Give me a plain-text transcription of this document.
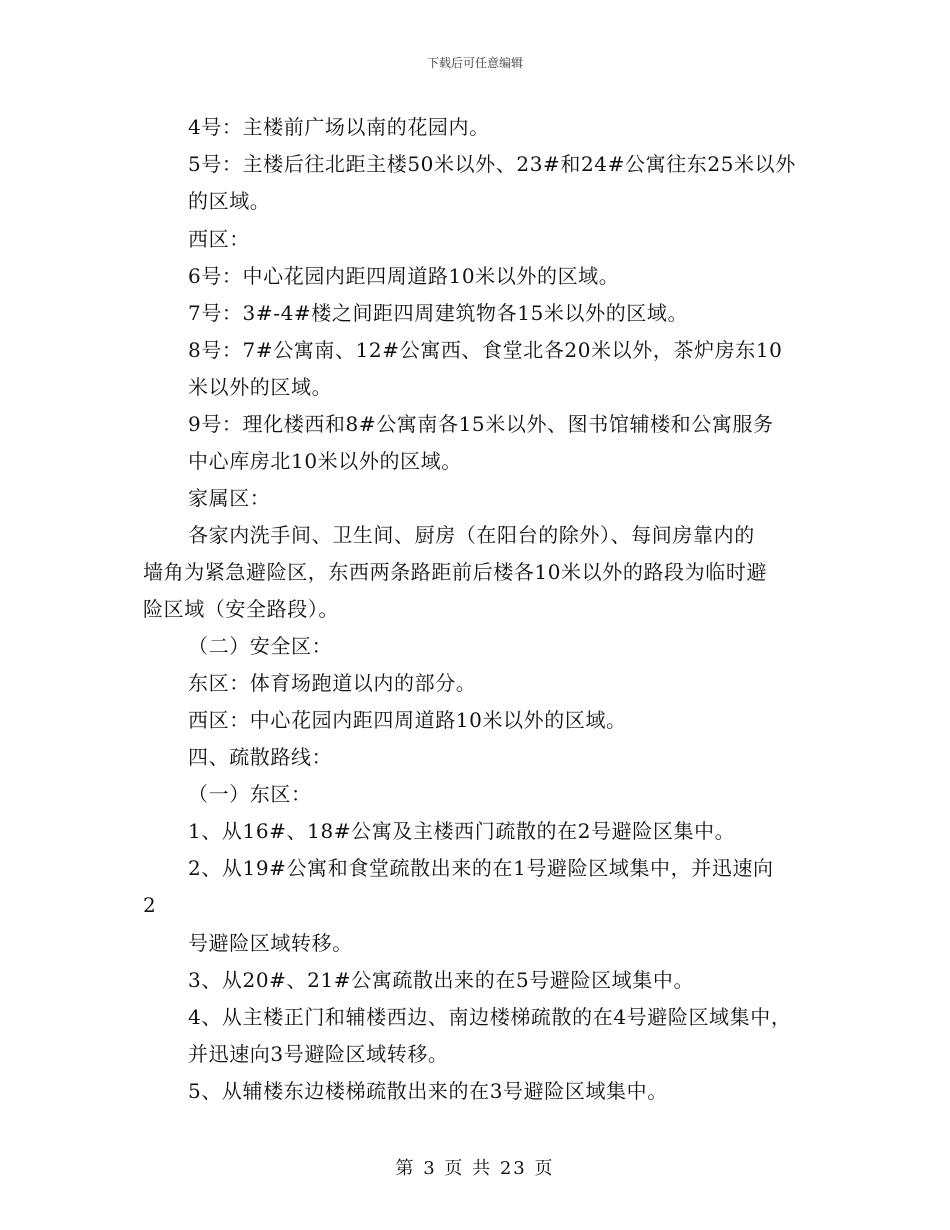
下载后可任意编辑
4号：主楼前广场以南的花园内。
5号：主楼后往北距主楼50米以外、23#和24#公寓往东25米以外
的区域。
西区：
6号：中心花园内距四周道路10米以外的区域。
7号：3#-4#楼之间距四周建筑物各15米以外的区域。
8号：7#公寓南、12#公寓西、食堂北各20米以外，茶炉房东10
米以外的区域。
9号：理化楼西和8#公寓南各15米以外、图书馆辅楼和公寓服务
中心库房北10米以外的区域。
家属区：
各家内洗手间、卫生间、厨房（在阳台的除外）、每间房靠内的
墙角为紧急避险区，东西两条路距前后楼各10米以外的路段为临时避
险区域（安全路段）。
（二）安全区：
东区：体育场跑道以内的部分。
西区：中心花园内距四周道路10米以外的区域。
四、疏散路线：
（一）东区：
1、从16#、18#公寓及主楼西门疏散的在2号避险区集中。
2、从19#公寓和食堂疏散出来的在1号避险区域集中，并迅速向
2
号避险区域转移。
3、从20#、21#公寓疏散出来的在5号避险区域集中。
4、从主楼正门和辅楼西边、南边楼梯疏散的在4号避险区域集中，
并迅速向3号避险区域转移。
5、从辅楼东边楼梯疏散出来的在3号避险区域集中。
第 3 页 共 23 页
